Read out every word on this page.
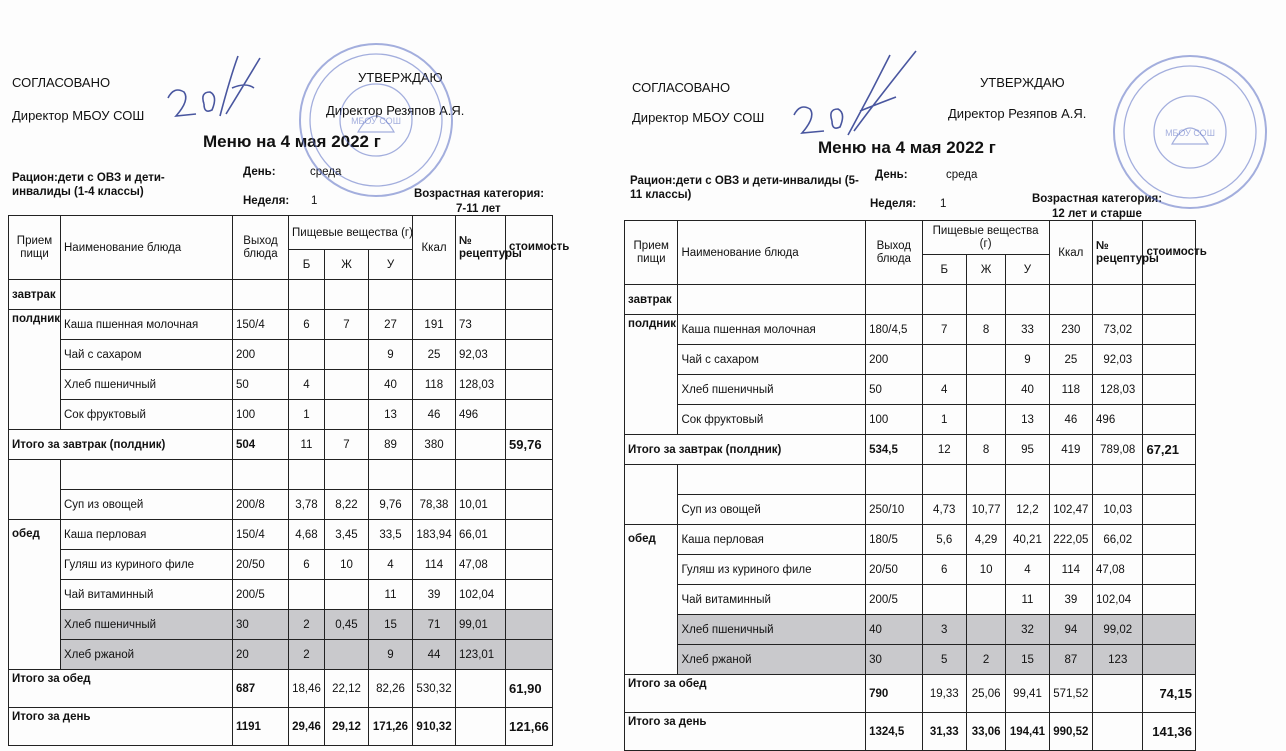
СОГЛАСОВАНО	УТВЕРЖДАЮ
Директор МБОУ СОШ	Директор Резяпов А.Я.
Меню на 4 мая 2022 г
Рацион:дети с ОВЗ и дети-инвалиды (1-4 классы)
День:	среда
Неделя: 1
Возрастная категория:
7-11 лет
Прием пищи	Наименование блюда	Выход блюда	Пищевые вещества (г)			Ккал	№ рецептуры	стоимость
			Б	Ж	У			
завтрак								
полдник	Каша пшенная молочная	150/4	6	7	27	191	73	
	Чай с сахаром	200			9	25	92,03	
	Хлеб пшеничный	50	4		40	118	128,03	
	Сок фруктовый	100	1		13	46	496	
Итого за завтрак (полдник)		504	11	7	89	380		59,76

	Суп из овощей	200/8	3,78	8,22	9,76	78,38	10,01	
обед	Каша перловая	150/4	4,68	3,45	33,5	183,94	66,01	
	Гуляш из куриного филе	20/50	6	10	4	114	47,08	
	Чай витаминный	200/5			11	39	102,04	
	Хлеб пшеничный	30	2	0,45	15	71	99,01	
	Хлеб ржаной	20	2		9	44	123,01	
Итого за обед		687	18,46	22,12	82,26	530,32		61,90
Итого за день		1191	29,46	29,12	171,26	910,32		121,66
МБОУ СОШ
СОГЛАСОВАНО	УТВЕРЖДАЮ
Директор МБОУ СОШ	Директор Резяпов А.Я.
Меню на 4 мая 2022 г
Рацион:дети с ОВЗ и дети-инвалиды (5-11 классы)
День:	среда
Неделя: 1	Возрастная категория:
12 лет и старше
Прием пищи	Наименование блюда	Выход блюда	Пищевые вещества (г)			Ккал	№ рецептуры	стоимость
			Б	Ж	У			
завтрак								
полдник	Каша пшенная молочная	180/4,5	7	8	33	230	73,02	
	Чай с сахаром	200			9	25	92,03	
	Хлеб пшеничный	50	4		40	118	128,03	
	Сок фруктовый	100	1		13	46	496	
Итого за завтрак (полдник)		534,5	12	8	95	419	789,08	67,21

	Суп из овощей	250/10	4,73	10,77	12,2	102,47	10,03	
обед	Каша перловая	180/5	5,6	4,29	40,21	222,05	66,02	
	Гуляш из куриного филе	20/50	6	10	4	114	47,08	
	Чай витаминный	200/5			11	39	102,04	
	Хлеб пшеничный	40	3		32	94	99,02	
	Хлеб ржаной	30	5	2	15	87	123	
Итого за обед		790	19,33	25,06	99,41	571,52		74,15
Итого за день		1324,5	31,33	33,06	194,41	990,52		141,36
МБОУ СОШ
